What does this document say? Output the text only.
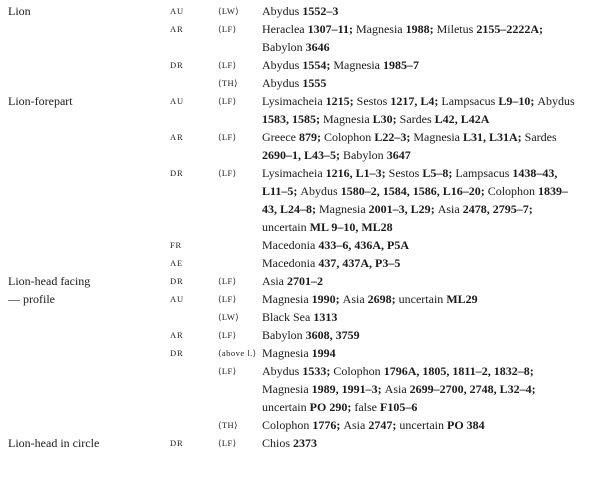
Lion	AU	⟨LW⟩	Abydus 1552–3
AR	⟨LF⟩	Heraclea 1307–11; Magnesia 1988; Miletus 2155–2222A;
Babylon 3646
DR	⟨LF⟩	Abydus 1554; Magnesia 1985–7
⟨TH⟩	Abydus 1555
Lion-forepart	AU	⟨LF⟩	Lysimacheia 1215; Sestos 1217, L4; Lampsacus L9–10; Abydus
1583, 1585; Magnesia L30; Sardes L42, L42A
AR	⟨LF⟩	Greece 879; Colophon L22–3; Magnesia L31, L31A; Sardes
2690–1, L43–5; Babylon 3647
DR	⟨LF⟩	Lysimacheia 1216, L1–3; Sestos L5–8; Lampsacus 1438–43,
L11–5; Abydus 1580–2, 1584, 1586, L16–20; Colophon 1839–
43, L24–8; Magnesia 2001–3, L29; Asia 2478, 2795–7;
uncertain ML 9–10, ML28
FR	Macedonia 433–6, 436A, P5A
AE	Macedonia 437, 437A, P3–5
Lion-head facing	DR	⟨LF⟩	Asia 2701–2
— profile	AU	⟨LF⟩	Magnesia 1990; Asia 2698; uncertain ML29
⟨LW⟩	Black Sea 1313
AR	⟨LF⟩	Babylon 3608, 3759
DR	⟨above l.⟩ Magnesia 1994
⟨LF⟩	Abydus 1533; Colophon 1796A, 1805, 1811–2, 1832–8;
Magnesia 1989, 1991–3; Asia 2699–2700, 2748, L32–4;
uncertain PO 290; false F105–6
⟨TH⟩	Colophon 1776; Asia 2747; uncertain PO 384
Lion-head in circle	DR	⟨LF⟩	Chios 2373
